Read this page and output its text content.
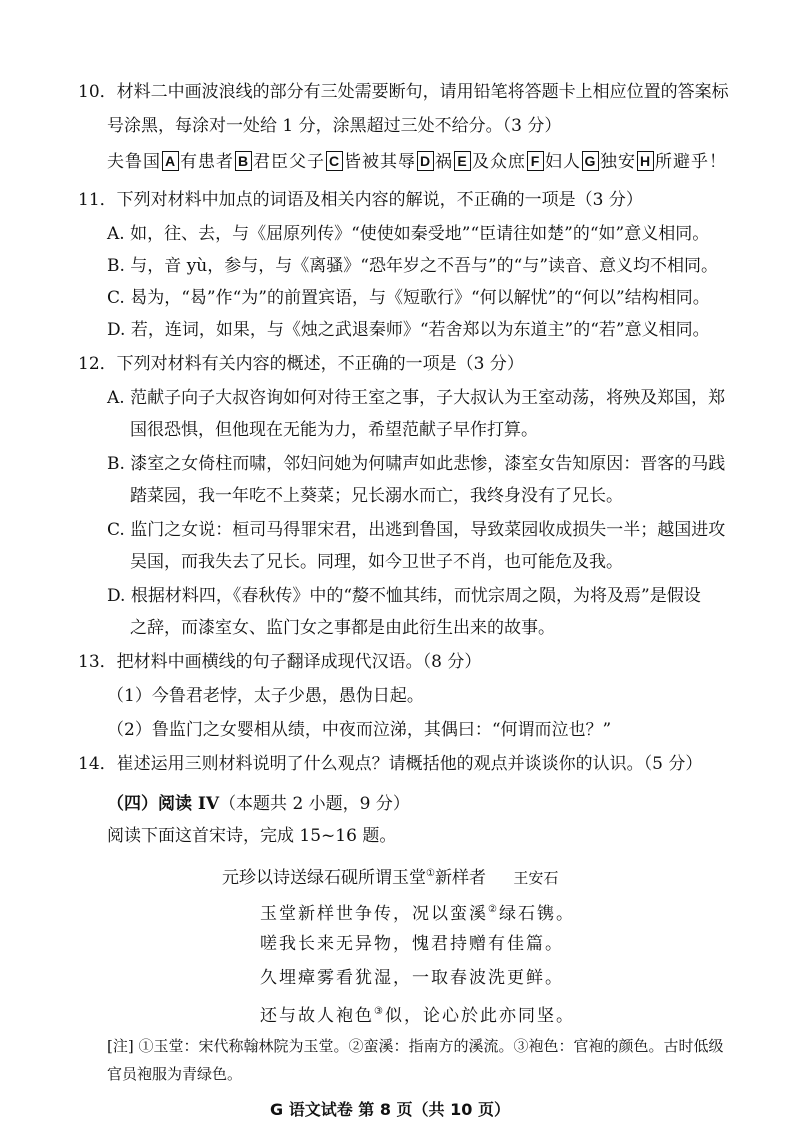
10．材料二中画波浪线的部分有三处需要断句，请用铅笔将答题卡上相应位置的答案标
号涂黑，每涂对一处给 1 分，涂黑超过三处不给分。（3 分）
夫鲁国 A 有患者 B 君臣父子 C 皆被其辱 D 祸 E 及众庶 F 妇人 G 独安 H 所避乎！
11．下列对材料中加点的词语及相关内容的解说，不正确的一项是（3 分）
A. 如，往、去，与《屈原列传》“使使如秦受地”“臣请往如楚”的“如”意义相同。
B. 与，音 yù，参与，与《离骚》“恐年岁之不吾与”的“与”读音、意义均不相同。
C. 曷为，“曷”作“为”的前置宾语，与《短歌行》“何以解忧”的“何以”结构相同。
D. 若，连词，如果，与《烛之武退秦师》“若舍郑以为东道主”的“若”意义相同。
12．下列对材料有关内容的概述，不正确的一项是（3 分）
A. 范献子向子大叔咨询如何对待王室之事，子大叔认为王室动荡，将殃及郑国，郑
国很恐惧，但他现在无能为力，希望范献子早作打算。
B. 漆室之女倚柱而啸，邻妇问她为何啸声如此悲惨，漆室女告知原因：晋客的马践
踏菜园，我一年吃不上葵菜；兄长溺水而亡，我终身没有了兄长。
C. 监门之女说：桓司马得罪宋君，出逃到鲁国，导致菜园收成损失一半；越国进攻
吴国，而我失去了兄长。同理，如今卫世子不肖，也可能危及我。
D. 根据材料四，《春秋传》中的“嫠不恤其纬，而忧宗周之陨，为将及焉”是假设
之辞，而漆室女、监门女之事都是由此衍生出来的故事。
13．把材料中画横线的句子翻译成现代汉语。（8 分）
（1）今鲁君老悖，太子少愚，愚伪日起。
（2）鲁监门之女婴相从绩，中夜而泣涕，其偶曰：“何谓而泣也？”
14．崔述运用三则材料说明了什么观点？请概括他的观点并谈谈你的认识。（5 分）
（四）阅读 IV（本题共 2 小题，9 分）
阅读下面这首宋诗，完成 15~16 题。
元珍以诗送绿石砚所谓玉堂①新样者 王安石
玉堂新样世争传，况以蛮溪②绿石镌。
嗟我长来无异物，愧君持赠有佳篇。
久埋瘴雾看犹湿，一取春波洗更鲜。
还与故人袍色③似，论心於此亦同坚。
[注] ①玉堂：宋代称翰林院为玉堂。②蛮溪：指南方的溪流。③袍色：官袍的颜色。古时低级
官员袍服为青绿色。
G 语文试卷 第 8 页（共 10 页）
